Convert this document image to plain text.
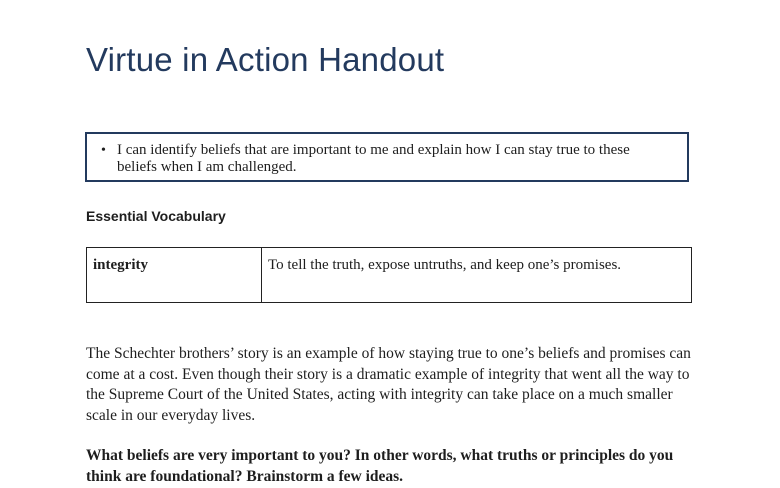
Virtue in Action Handout
• I can identify beliefs that are important to me and explain how I can stay true to these beliefs when I am challenged.
Essential Vocabulary
integrity	To tell the truth, expose untruths, and keep one’s promises.

The Schechter brothers’ story is an example of how staying true to one’s beliefs and promises can come at a cost. Even though their story is a dramatic example of integrity that went all the way to the Supreme Court of the United States, acting with integrity can take place on a much smaller scale in our everyday lives.

What beliefs are very important to you? In other words, what truths or principles do you think are foundational? Brainstorm a few ideas.
